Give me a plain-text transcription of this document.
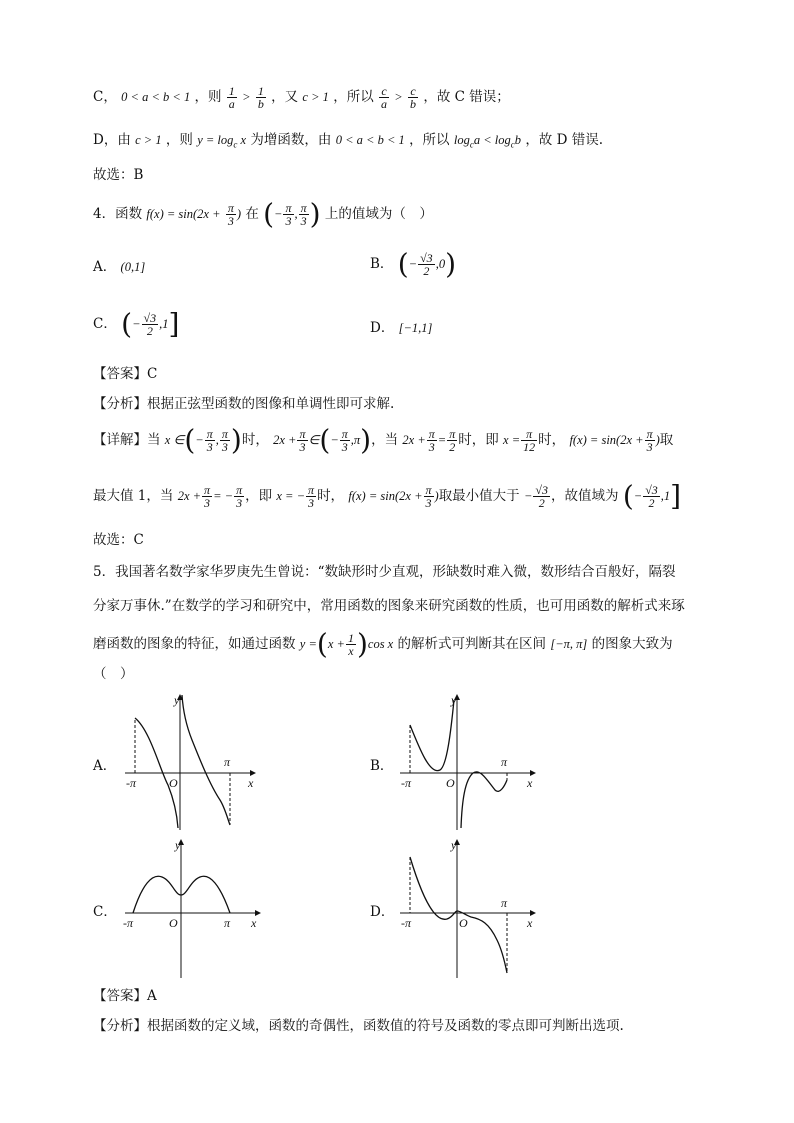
C， 0 < a < b < 1 ，则 $\frac{1}{a} > \frac{1}{b}$ ，又 c > 1 ，所以 $\frac{c}{a} > \frac{c}{b}$ ，故 C 错误；
D，由 c > 1 ，则 $y = \log_c x$ 为增函数，由 0 < a < b < 1 ，所以 $\log_ca < \log_cb$ ，故 D 错误.
故选：B
4．函数 $f(x) = \sin(2x + \frac{\pi}{3}$ ) 在 (− $\frac{\pi}{3}$ , $\frac{\pi}{3}$ ) 上的值域为（　）
A． (0,1]	B． (− $\frac{√3}{2} ,0$)
C． (− $\frac{√3}{2} ,1$]	D． [−1,1]
【答案】C
【分析】根据正弦型函数的图像和单调性即可求解.
【详解】当 x ∈(− $\frac{\pi}{3}$ , $\frac{\pi}{3}$ )时， $2x + \frac{\pi}{3}$ ∈(− $\frac{\pi}{3} ,\pi$)，当 $2x + \frac{\pi}{3} = \frac{\pi}{2}$ 时，即 $x = \frac{\pi}{12}$ 时， $f(x) = \sin(2x + \frac{\pi}{3}$ )取
最大值 1，当 $2x + \frac{\pi}{3}$ = − $\frac{\pi}{3}$ ，即 x = − $\frac{\pi}{3}$ 时， $f(x) = \sin(2x + \frac{\pi}{3}$ )取最小值大于 − $\frac{√3}{2}$ ，故值域为 (− $\frac{√3}{2} ,1$]
故选：C
5．我国著名数学家华罗庚先生曾说：“数缺形时少直观，形缺数时难入微，数形结合百般好，隔裂
分家万事休.”在数学的学习和研究中，常用函数的图象来研究函数的性质，也可用函数的解析式来琢
磨函数的图象的特征，如通过函数 $y =(x + \frac{1}{x} )\cos$ x 的解析式可判断其在区间 [−π, π] 的图象大致为
（　）
A．	B．
C．	D．
y
x
O
-π
π
y
x
O
-π
π
y
x
O
-π	π
y
x
O
-π
π
【答案】A
【分析】根据函数的定义域，函数的奇偶性，函数值的符号及函数的零点即可判断出选项.
